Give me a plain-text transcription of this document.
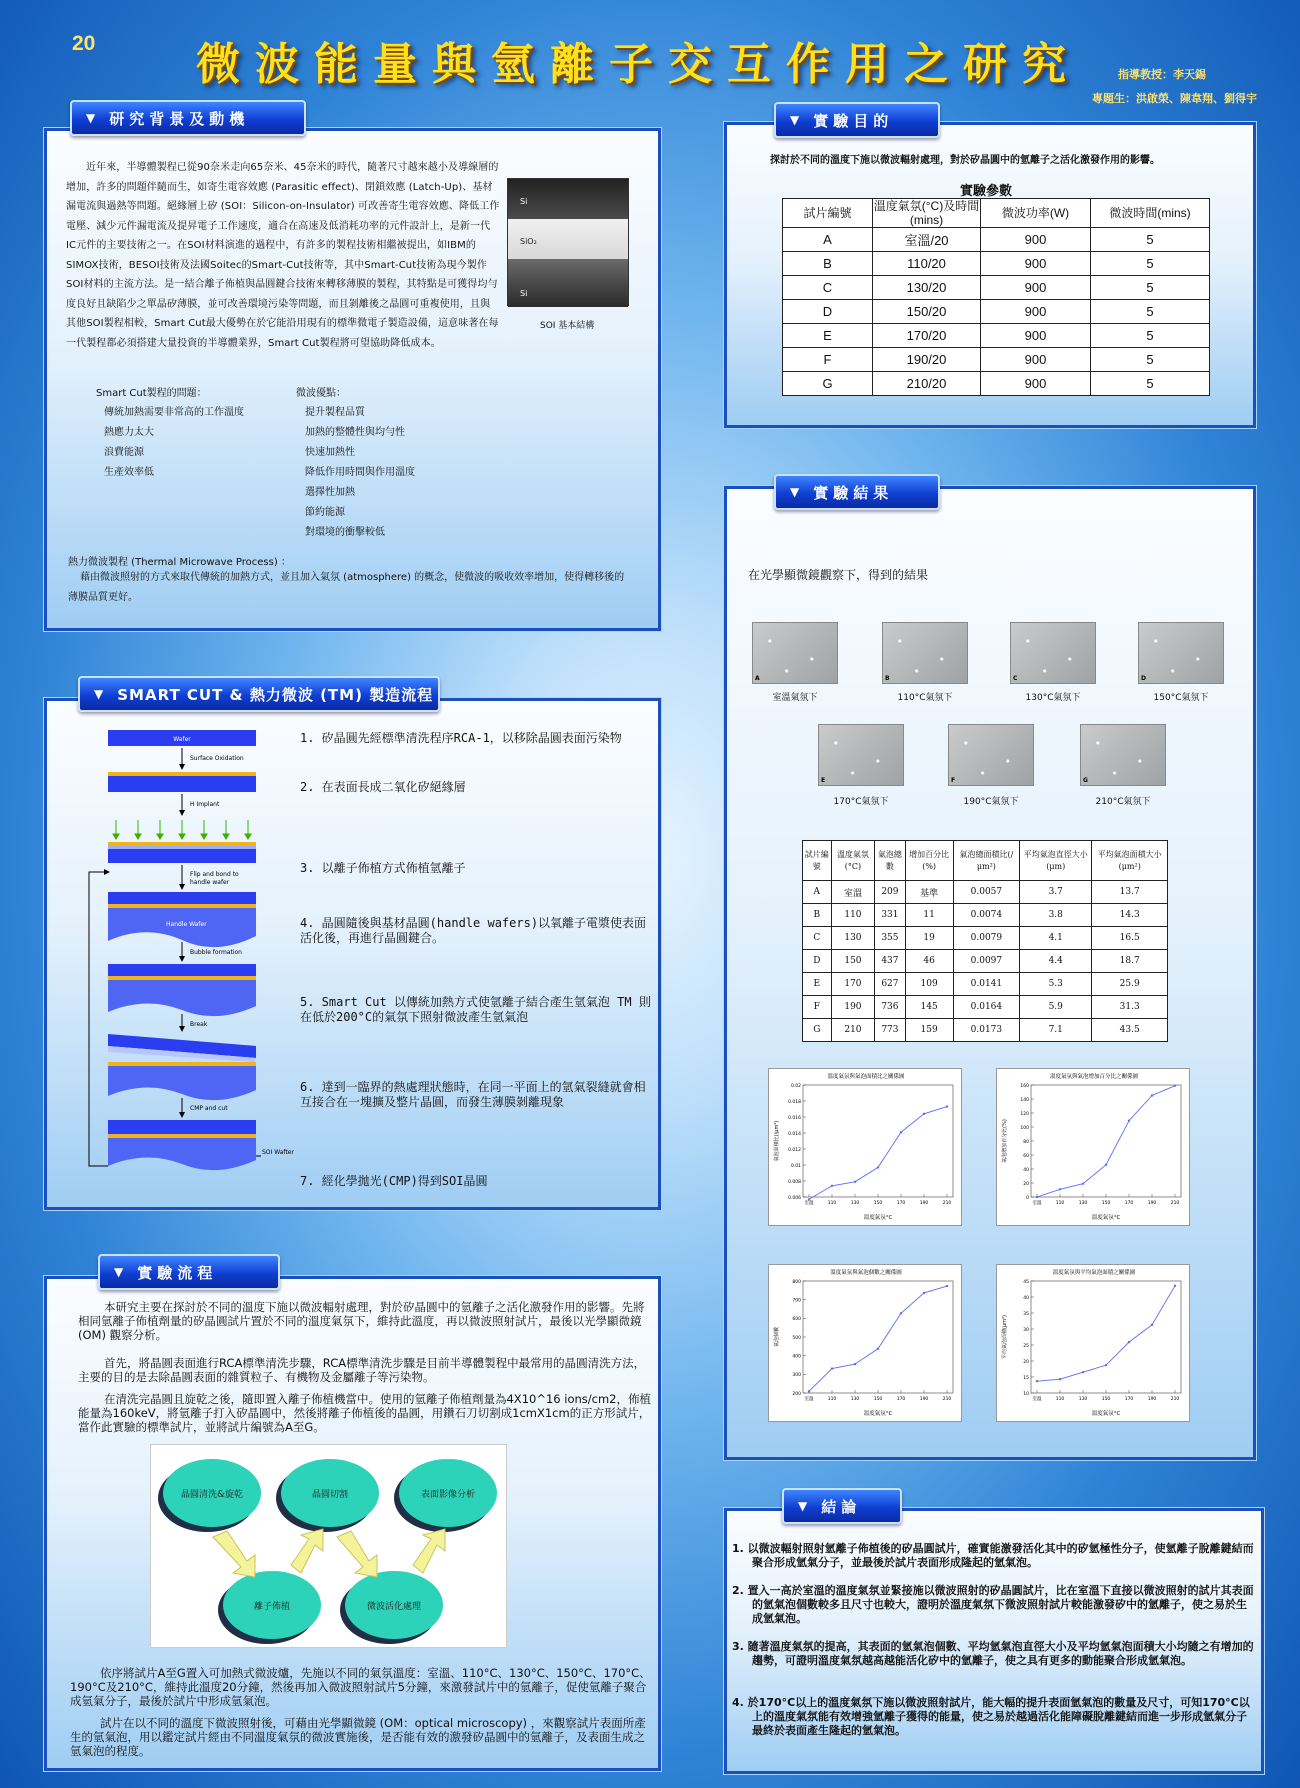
20 微波能量與氫離子交互作用之研究	指導教授：李天錫
專題生：洪啟榮、陳韋翔、劉得宇
▼ 研究背景及動機
近年來，半導體製程已從90奈米走向65奈米、45奈米的時代，隨著尺寸越來越小及導線層的增加，許多的問題伴隨而生，如寄生電容效應 (Parasitic effect)、閉鎖效應 (Latch-Up)、基材漏電流與過熱等問題。絕緣層上矽 (SOI：Silicon-on-Insulator) 可改善寄生電容效應、降低工作電壓、減少元件漏電流及提昇電子工作速度，適合在高速及低消耗功率的元件設計上，是新一代IC元件的主要技術之一。在SOI材料演進的過程中，有許多的製程技術相繼被提出，如IBM的SIMOX技術，BESOI技術及法國Soitec的Smart-Cut技術等，其中Smart-Cut技術為現今製作SOI材料的主流方法。是一結合離子佈植與晶圓鍵合技術來轉移薄膜的製程，其特點是可獲得均勻度良好且缺陷少之單晶矽薄膜，並可改善環境污染等問題，而且剝離後之晶圓可重複使用，且與其他SOI製程相較，Smart Cut最大優勢在於它能沿用現有的標準微電子製造設備，這意味著在每一代製程都必須搭建大量投資的半導體業界，Smart Cut製程將可望協助降低成本。
Si
SiO₂
Si
SOI 基本結構
Smart Cut製程的問題：
傳統加熱需要非常高的工作溫度
熱應力太大
浪費能源
生產效率低
微波優點：
提升製程品質
加熱的整體性與均勻性
快速加熱性
降低作用時間與作用溫度
選擇性加熱
節約能源
對環境的衝擊較低
熱力微波製程 (Thermal Microwave Process) ：
藉由微波照射的方式來取代傳統的加熱方式，並且加入氣氛 (atmosphere) 的概念，使微波的吸收效率增加，使得轉移後的薄膜品質更好。
▼ SMART CUT & 熱力微波 (TM) 製造流程
Wafer
Surface Oxidation
H Implant
Flip and bond to
handle wafer
Handle Wafer
Bubble formation
Break
CMP and cut
SOI Wafter
1. 矽晶圓先經標準清洗程序RCA-1，以移除晶圓表面污染物
2. 在表面長成二氧化矽絕緣層
3. 以離子佈植方式佈植氫離子
4. 晶圓隨後與基材晶圓(handle wafers)以氧離子電漿使表面活化後，再進行晶圓鍵合。
5. Smart Cut 以傳統加熱方式使氫離子結合產生氫氣泡 TM 則在低於200°C的氣氛下照射微波產生氫氣泡
6. 達到一臨界的熱處理狀態時，在同一平面上的氫氣裂縫就會相互接合在一塊擴及整片晶圓，而發生薄膜剝離現象
7. 經化學拋光(CMP)得到SOI晶圓
▼ 實驗流程
本研究主要在探討於不同的溫度下施以微波輻射處理，對於矽晶圓中的氫離子之活化激發作用的影響。先將相同氫離子佈植劑量的矽晶圓試片置於不同的溫度氣氛下，維持此溫度，再以微波照射試片，最後以光學顯微鏡 (OM) 觀察分析。
首先，將晶圓表面進行RCA標準清洗步驟，RCA標準清洗步驟是目前半導體製程中最常用的晶圓清洗方法，主要的目的是去除晶圓表面的雜質粒子、有機物及金屬離子等污染物。
在清洗完晶圓且旋乾之後，隨即置入離子佈植機當中。使用的氫離子佈植劑量為4X10^16 ions/cm2，佈植能量為160keV，將氫離子打入矽晶圓中，然後將離子佈植後的晶圓，用鑽石刀切割成1cmX1cm的正方形試片，當作此實驗的標準試片，並將試片編號為A至G。
晶圓清洗&旋乾	晶圓切割	表面影像分析
離子佈植	微波活化處理
依序將試片A至G置入可加熱式微波爐，先施以不同的氣氛溫度：室溫、110°C、130°C、150°C、170°C、190°C及210°C，維持此溫度20分鐘，然後再加入微波照射試片5分鐘，來激發試片中的氫離子，促使氫離子聚合成氫氣分子，最後於試片中形成氫氣泡。
試片在以不同的溫度下微波照射後，可藉由光學顯微鏡 (OM：optical microscopy) ，來觀察試片表面所產生的氫氣泡，用以鑑定試片經由不同溫度氣氛的微波實施後，是否能有效的激發矽晶圓中的氫離子，及表面生成之氫氣泡的程度。
▼ 實驗目的
探討於不同的溫度下施以微波輻射處理，對於矽晶圓中的氫離子之活化激發作用的影響。
實驗參數
試片編號	溫度氣氛(°C)及時間(mins)	微波功率(W)	微波時間(mins)
A	室溫/20	900	5
B	110/20	900	5
C	130/20	900	5
D	150/20	900	5
E	170/20	900	5
F	190/20	900	5
G	210/20	900	5
▼ 實驗結果
在光學顯微鏡觀察下，得到的結果
A	B	C	D
室溫氣氛下	110°C氣氛下	130°C氣氛下	150°C氣氛下
E	F	G
170°C氣氛下	190°C氣氛下	210°C氣氛下
試片編號	溫度氣氛(°C)	氣泡總數	增加百分比(%)	氣泡總面積比(/μm²)	平均氣泡直徑大小(μm)	平均氣泡面積大小(μm²)
A	室溫	209	基準	0.0057	3.7	13.7
B	110	331	11	0.0074	3.8	14.3
C	130	355	19	0.0079	4.1	16.5
D	150	437	46	0.0097	4.4	18.7
E	170	627	109	0.0141	5.3	25.9
F	190	736	145	0.0164	5.9	31.3
G	210	773	159	0.0173	7.1	43.5
溫度氣氛與氣泡面積比之關係圖
0.006
0.008
0.01
0.012
0.014
0.016
0.018
0.02
室溫	110	130	150	170	190	210
溫度氣氛°C
氣泡面積比(/μm²)
溫度氣氛與氣泡增加百分比之關係圖
0
20
40
60
80
100
120
140
160
室溫	110	130	150	170	190	210
溫度氣氛°C
氣泡增加百分比(%)
溫度氣氛與氣泡個數之關係圖
200
300
400
500
600
700
800
室溫	110	130	150	170	190	210
溫度氣氛°C
氣泡個數
溫度氣氛與平均氣泡面積之關係圖
10
15
20
25
30
35
40
45
室溫	110	130	150	170	190	210
溫度氣氛°C
平均氣泡面積(μm²)
▼ 結論
1. 以微波輻射照射氫離子佈植後的矽晶圓試片，確實能激發活化其中的矽氫極性分子，使氫離子脫離鍵結而聚合形成氫氣分子，並最後於試片表面形成隆起的氫氣泡。
2. 置入一高於室溫的溫度氣氛並緊接施以微波照射的矽晶圓試片，比在室溫下直接以微波照射的試片其表面的氫氣泡個數較多且尺寸也較大，證明於溫度氣氛下微波照射試片較能激發矽中的氫離子，使之易於生成氫氣泡。
3. 隨著溫度氣氛的提高，其表面的氫氣泡個數、平均氫氣泡直徑大小及平均氫氣泡面積大小均隨之有增加的趨勢，可證明溫度氣氛越高越能活化矽中的氫離子，使之具有更多的動能聚合形成氫氣泡。
4. 於170°C以上的溫度氣氛下施以微波照射試片，能大幅的提升表面氫氣泡的數量及尺寸，可知170°C以上的溫度氣氛能有效增強氫離子獲得的能量，使之易於越過活化能障礙脫離鍵結而進一步形成氫氣分子最終於表面產生隆起的氫氣泡。
